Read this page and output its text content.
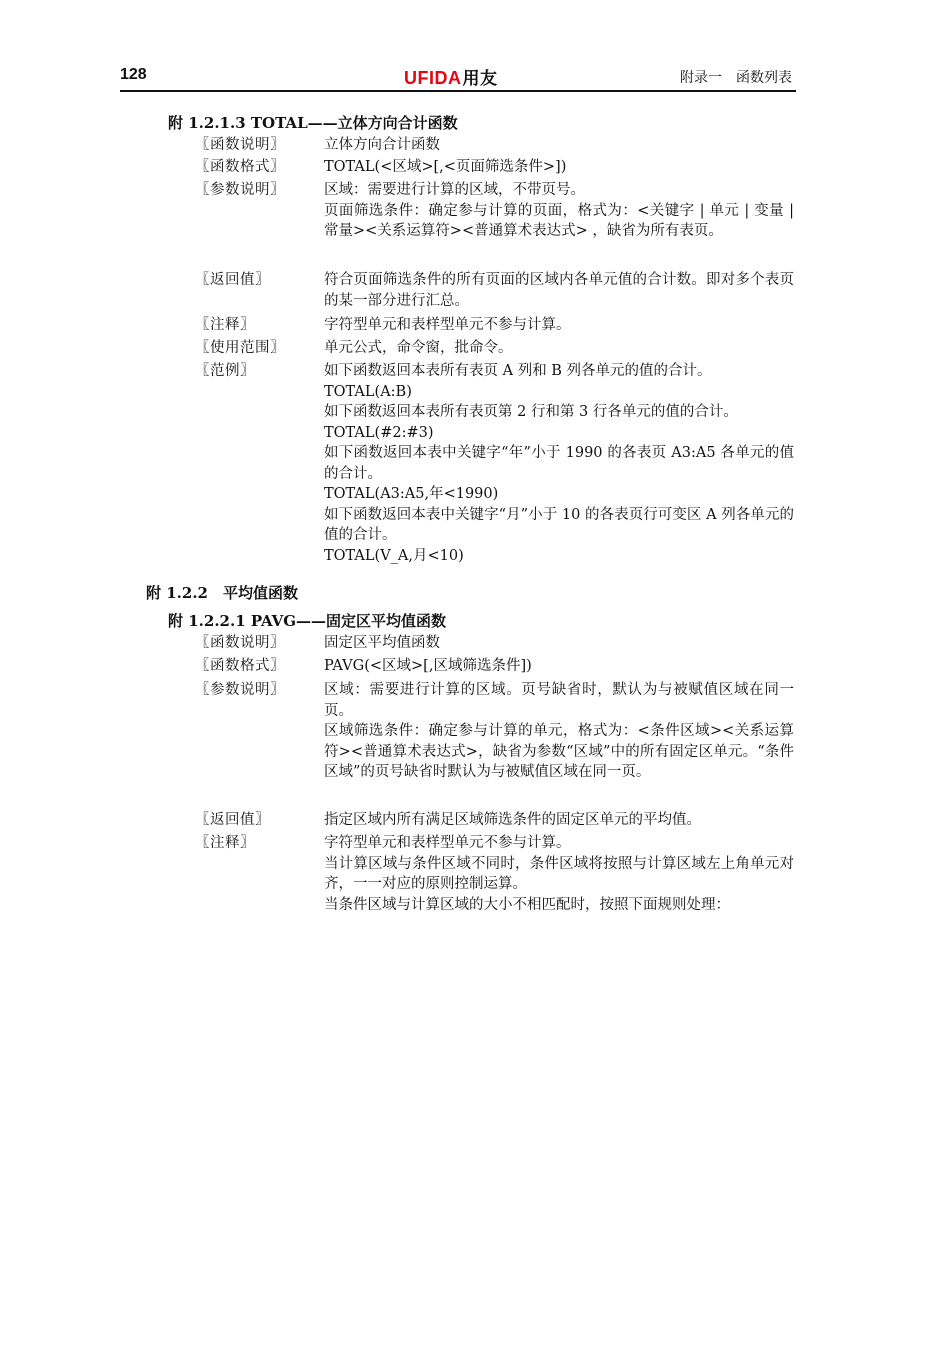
128	UFIDA用友	附录一　函数列表
附 1.2.1.3 TOTAL——立体方向合计函数
〖函数说明〗	立体方向合计函数
〖函数格式〗	TOTAL(<区域>[,<页面筛选条件>])
〖参数说明〗	区域：需要进行计算的区域，不带页号。
页面筛选条件：确定参与计算的页面，格式为：<关键字 | 单元 | 变量 | 常量><关系运算符><普通算术表达式> ，缺省为所有表页。
〖返回值〗	符合页面筛选条件的所有页面的区域内各单元值的合计数。即对多个表页的某一部分进行汇总。
〖注释〗	字符型单元和表样型单元不参与计算。
〖使用范围〗	单元公式，命令窗，批命令。
〖范例〗	如下函数返回本表所有表页 A 列和 B 列各单元的值的合计。
TOTAL(A:B)
如下函数返回本表所有表页第 2 行和第 3 行各单元的值的合计。
TOTAL(#2:#3)
如下函数返回本表中关键字“年”小于 1990 的各表页 A3:A5 各单元的值的合计。
TOTAL(A3:A5,年<1990)
如下函数返回本表中关键字“月”小于 10 的各表页行可变区 A 列各单元的值的合计。
TOTAL(V_A,月<10)
附 1.2.2　平均值函数
附 1.2.2.1 PAVG——固定区平均值函数
〖函数说明〗	固定区平均值函数
〖函数格式〗	PAVG(<区域>[,区域筛选条件])
〖参数说明〗	区域：需要进行计算的区域。页号缺省时，默认为与被赋值区域在同一页。
区域筛选条件：确定参与计算的单元，格式为：<条件区域><关系运算符><普通算术表达式>，缺省为参数“区域”中的所有固定区单元。“条件区域”的页号缺省时默认为与被赋值区域在同一页。
〖返回值〗	指定区域内所有满足区域筛选条件的固定区单元的平均值。
〖注释〗	字符型单元和表样型单元不参与计算。
当计算区域与条件区域不同时，条件区域将按照与计算区域左上角单元对齐，一一对应的原则控制运算。
当条件区域与计算区域的大小不相匹配时，按照下面规则处理：
